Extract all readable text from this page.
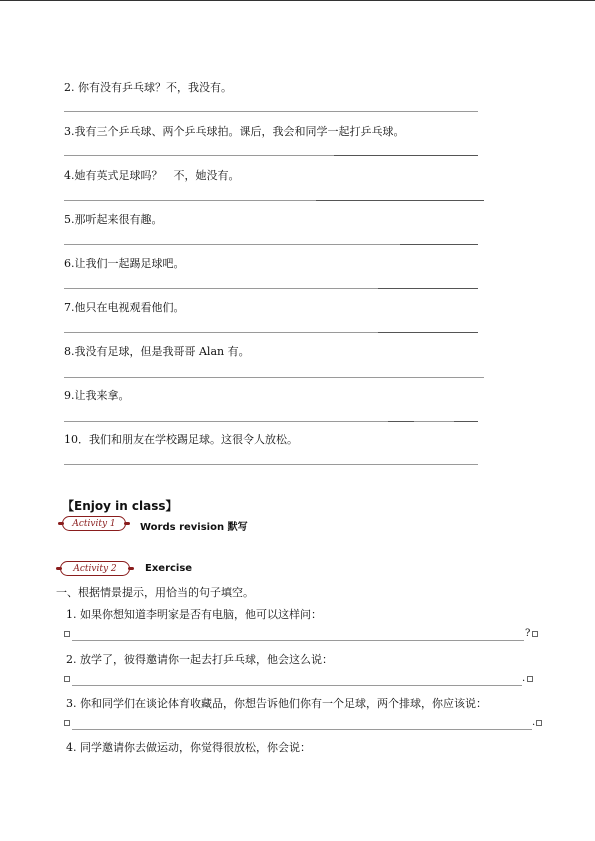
2. 你有没有乒乓球？不，我没有。
3.我有三个乒乓球、两个乒乓球拍。课后，我会和同学一起打乒乓球。
4.她有英式足球吗？　不，她没有。
5.那听起来很有趣。
6.让我们一起踢足球吧。
7.他只在电视观看他们。
8.我没有足球，但是我哥哥 Alan 有。
9.让我来拿。
10．我们和朋友在学校踢足球。这很令人放松。
【Enjoy in class】
Activity 1	Words revision 默写
Activity 2	Exercise
一、根据情景提示，用恰当的句子填空。
1. 如果你想知道李明家是否有电脑，他可以这样问：
?
2. 放学了，彼得邀请你一起去打乒乓球，他会这么说：
.
3. 你和同学们在谈论体育收藏品，你想告诉他们你有一个足球，两个排球，你应该说：
.
4. 同学邀请你去做运动，你觉得很放松，你会说：
